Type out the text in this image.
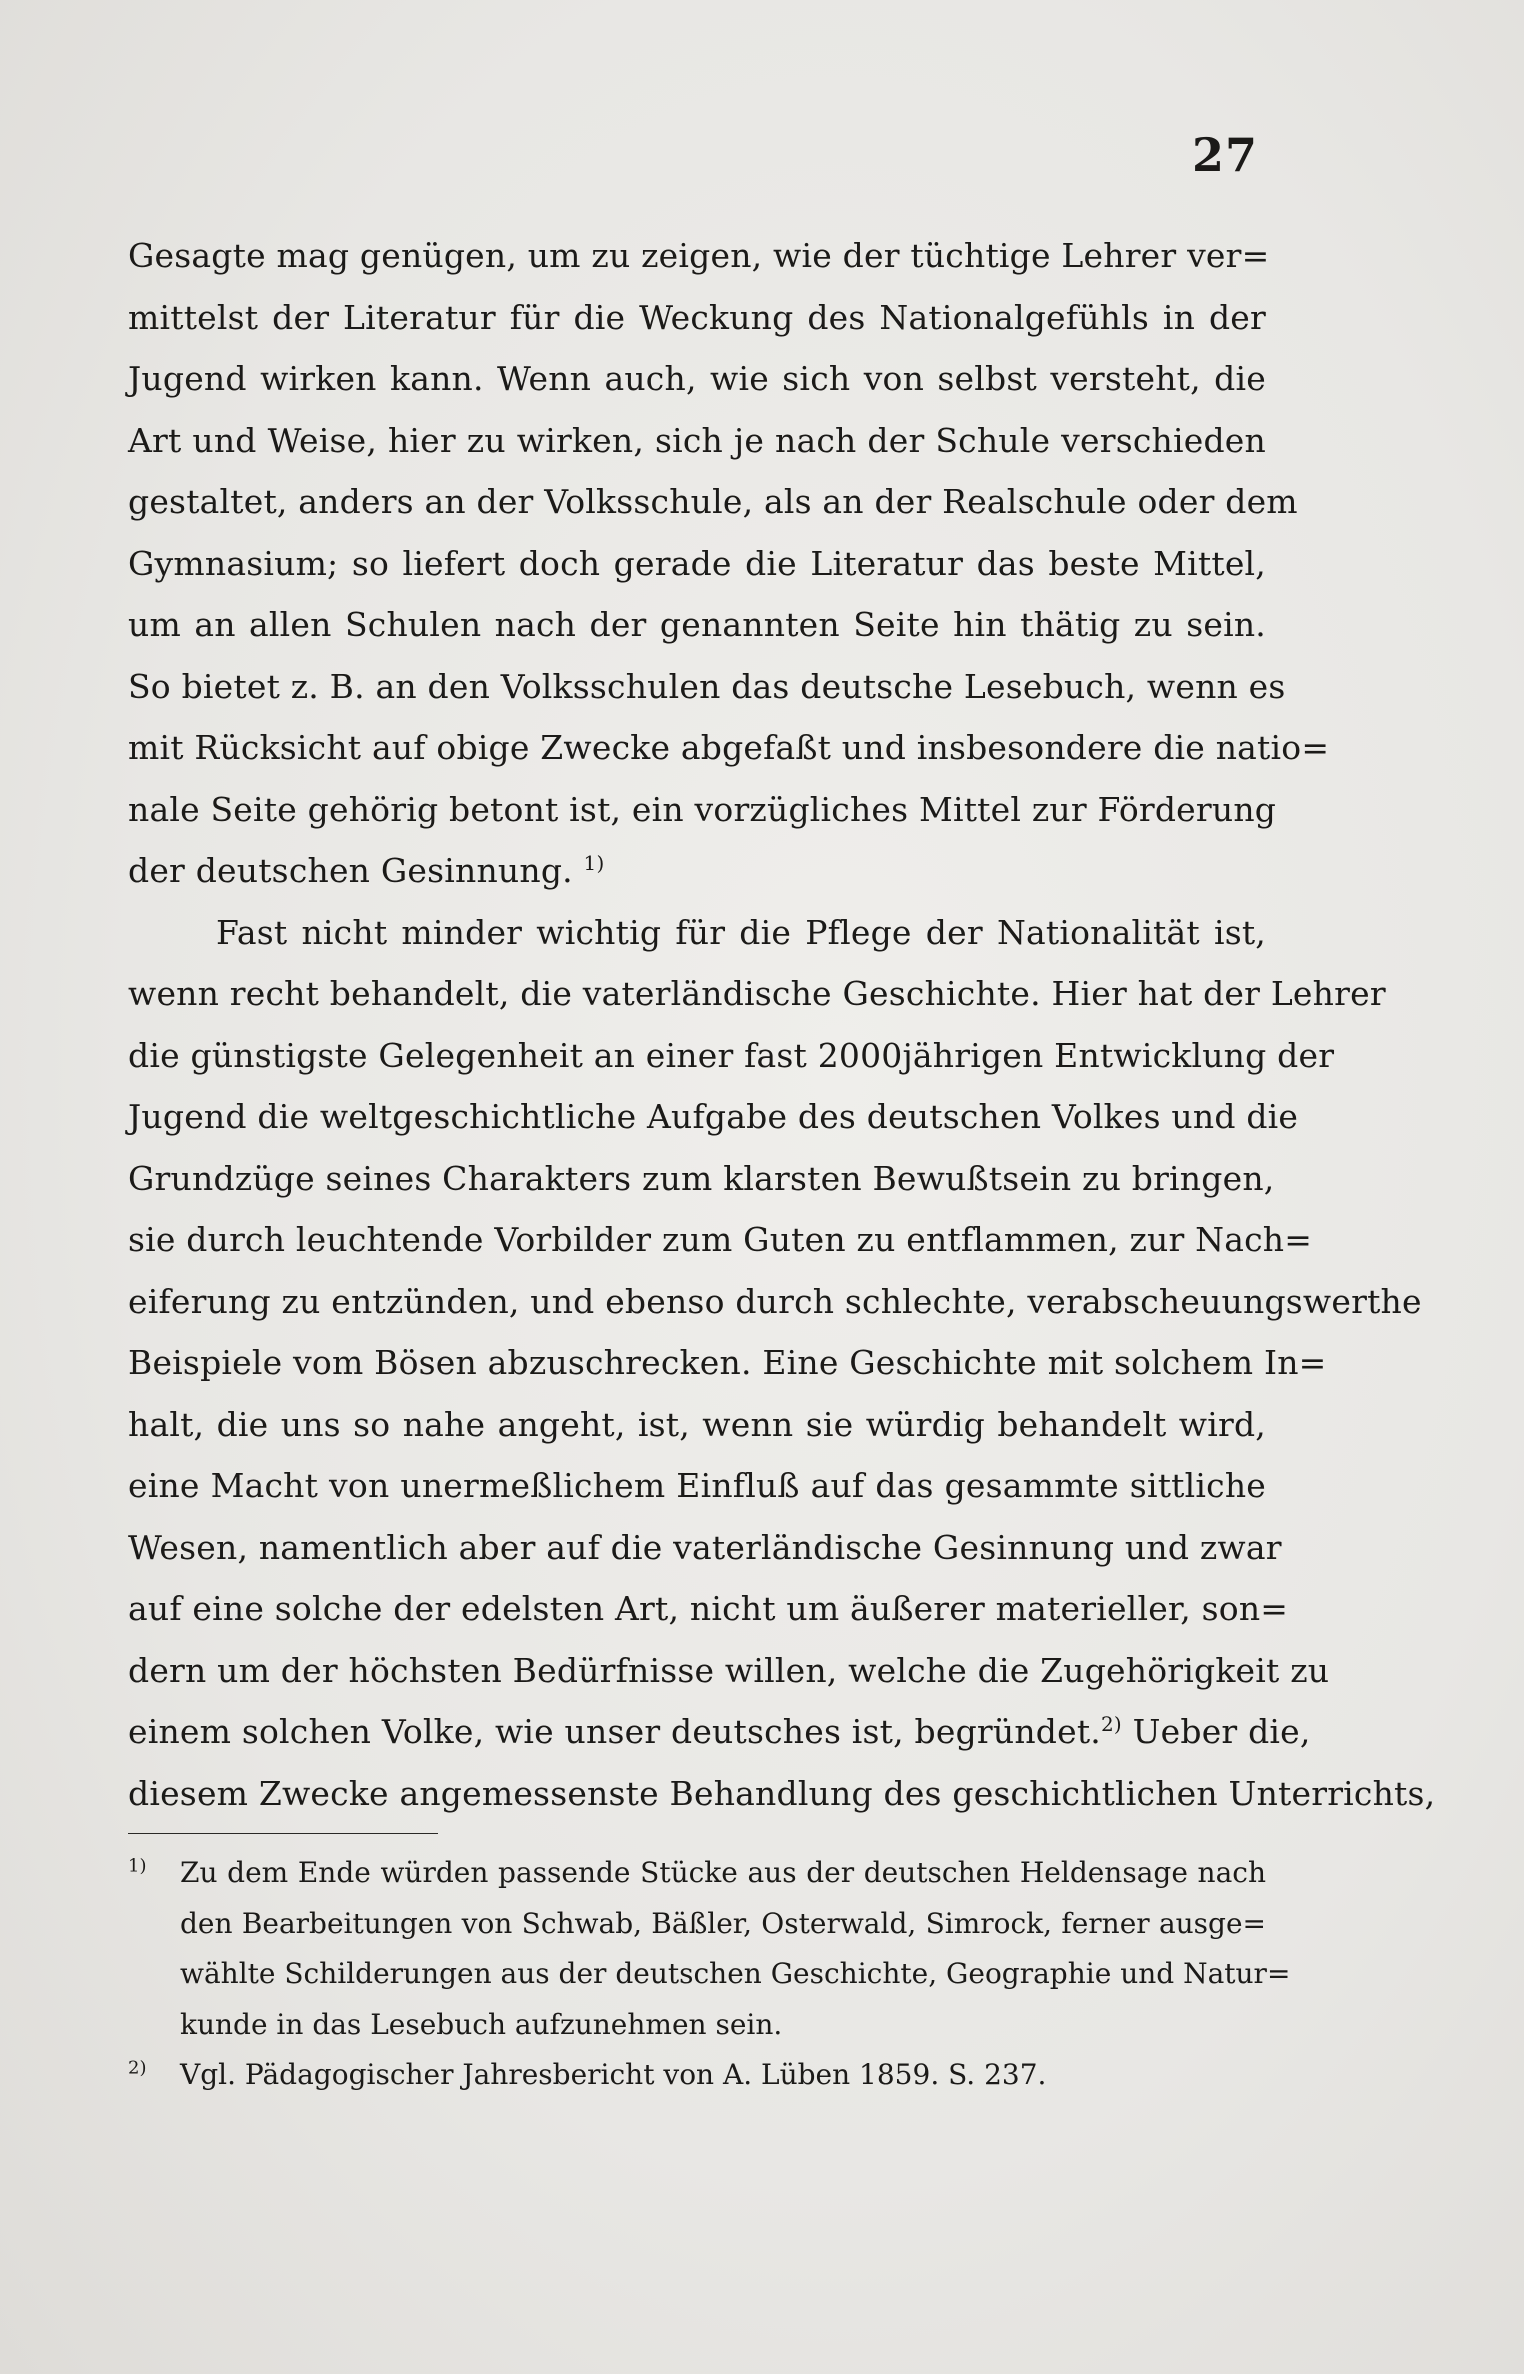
27
Gesagte mag genügen, um zu zeigen, wie der tüchtige Lehrer ver=
mittelst der Literatur für die Weckung des Nationalgefühls in der
Jugend wirken kann. Wenn auch, wie sich von selbst versteht, die
Art und Weise, hier zu wirken, sich je nach der Schule verschieden
gestaltet, anders an der Volksschule, als an der Realschule oder dem
Gymnasium; so liefert doch gerade die Literatur das beste Mittel,
um an allen Schulen nach der genannten Seite hin thätig zu sein.
So bietet z. B. an den Volksschulen das deutsche Lesebuch, wenn es
mit Rücksicht auf obige Zwecke abgefaßt und insbesondere die natio=
nale Seite gehörig betont ist, ein vorzügliches Mittel zur Förderung
der deutschen Gesinnung. $^{1)}$
Fast nicht minder wichtig für die Pflege der Nationalität ist,
wenn recht behandelt, die vaterländische Geschichte. Hier hat der Lehrer
die günstigste Gelegenheit an einer fast 2000jährigen Entwicklung der
Jugend die weltgeschichtliche Aufgabe des deutschen Volkes und die
Grundzüge seines Charakters zum klarsten Bewußtsein zu bringen,
sie durch leuchtende Vorbilder zum Guten zu entflammen, zur Nach=
eiferung zu entzünden, und ebenso durch schlechte, verabscheuungswerthe
Beispiele vom Bösen abzuschrecken. Eine Geschichte mit solchem In=
halt, die uns so nahe angeht, ist, wenn sie würdig behandelt wird,
eine Macht von unermeßlichem Einfluß auf das gesammte sittliche
Wesen, namentlich aber auf die vaterländische Gesinnung und zwar
auf eine solche der edelsten Art, nicht um äußerer materieller, son=
dern um der höchsten Bedürfnisse willen, welche die Zugehörigkeit zu
einem solchen Volke, wie unser deutsches ist, begründet.$^{2)}$ Ueber die,
diesem Zwecke angemessenste Behandlung des geschichtlichen Unterrichts,
$^{1)}$ Zu dem Ende würden passende Stücke aus der deutschen Heldensage nach
den Bearbeitungen von Schwab, Bäßler, Osterwald, Simrock, ferner ausge=
wählte Schilderungen aus der deutschen Geschichte, Geographie und Natur=
kunde in das Lesebuch aufzunehmen sein.
$^{2)}$ Vgl. Pädagogischer Jahresbericht von A. Lüben 1859. S. 237.
